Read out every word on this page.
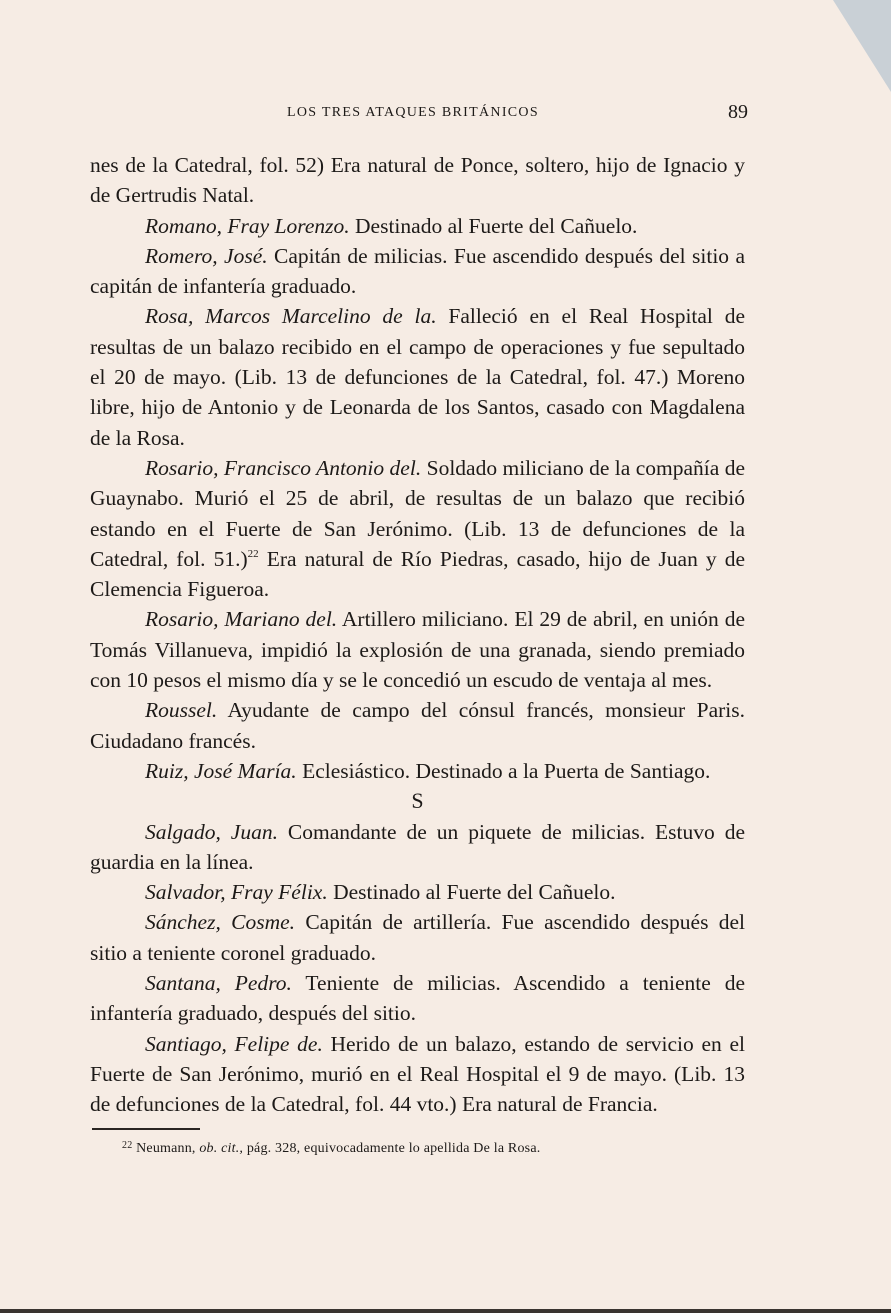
LOS TRES ATAQUES BRITÁNICOS	89

nes de la Catedral, fol. 52) Era natural de Ponce, soltero, hijo de Ignacio y de Gertrudis Natal.

Romano, Fray Lorenzo. Destinado al Fuerte del Cañuelo.

Romero, José. Capitán de milicias. Fue ascendido después del sitio a capitán de infantería graduado.

Rosa, Marcos Marcelino de la. Falleció en el Real Hospital de resultas de un balazo recibido en el campo de operaciones y fue sepultado el 20 de mayo. (Lib. 13 de defunciones de la Catedral, fol. 47.) Moreno libre, hijo de Antonio y de Leonarda de los Santos, casado con Magdalena de la Rosa.

Rosario, Francisco Antonio del. Soldado miliciano de la compañía de Guaynabo. Murió el 25 de abril, de resultas de un balazo que recibió estando en el Fuerte de San Jerónimo. (Lib. 13 de defunciones de la Catedral, fol. 51.)$^{22}$ Era natural de Río Piedras, casado, hijo de Juan y de Clemencia Figueroa.

Rosario, Mariano del. Artillero miliciano. El 29 de abril, en unión de Tomás Villanueva, impidió la explosión de una granada, siendo premiado con 10 pesos el mismo día y se le concedió un escudo de ventaja al mes.

Roussel. Ayudante de campo del cónsul francés, monsieur Paris. Ciudadano francés.

Ruiz, José María. Eclesiástico. Destinado a la Puerta de Santiago.

S

Salgado, Juan. Comandante de un piquete de milicias. Estuvo de guardia en la línea.

Salvador, Fray Félix. Destinado al Fuerte del Cañuelo.

Sánchez, Cosme. Capitán de artillería. Fue ascendido después del sitio a teniente coronel graduado.

Santana, Pedro. Teniente de milicias. Ascendido a teniente de infantería graduado, después del sitio.

Santiago, Felipe de. Herido de un balazo, estando de servicio en el Fuerte de San Jerónimo, murió en el Real Hospital el 9 de mayo. (Lib. 13 de defunciones de la Catedral, fol. 44 vto.) Era natural de Francia.

$^{22}$ Neumann, ob. cit., pág. 328, equivocadamente lo apellida De la Rosa.
